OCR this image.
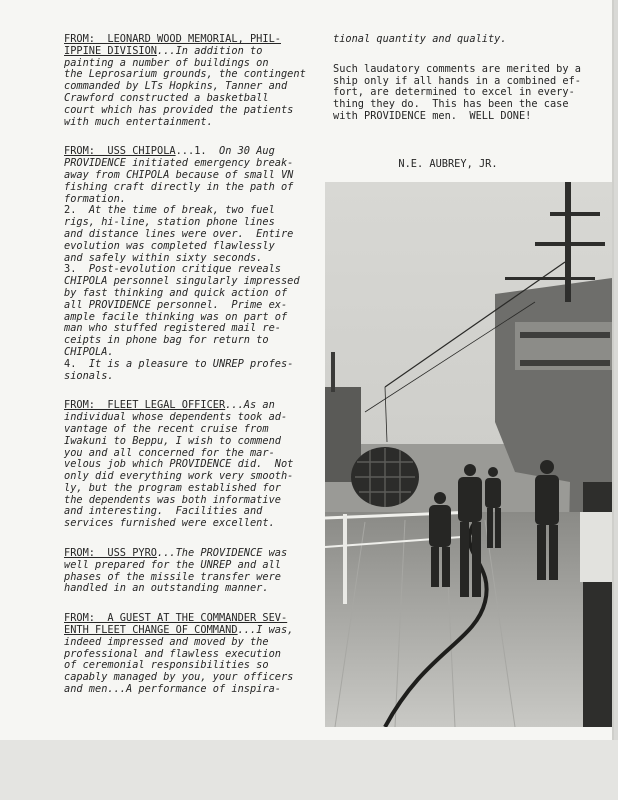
FROM:  LEONARD WOOD MEMORIAL, PHIL-
IPPINE DIVISION...In addition to
painting a number of buildings on
the Leprosarium grounds, the contingent
commanded by LTs Hopkins, Tanner and
Crawford constructed a basketball
court which has provided the patients
with much entertainment.
FROM:  USS CHIPOLA...1.  On 30 Aug
PROVIDENCE initiated emergency break-
away from CHIPOLA because of small VN
fishing craft directly in the path of
formation.
2.  At the time of break, two fuel
rigs, hi-line, station phone lines
and distance lines were over.  Entire
evolution was completed flawlessly
and safely within sixty seconds.
3.  Post-evolution critique reveals
CHIPOLA personnel singularly impressed
by fast thinking and quick action of
all PROVIDENCE personnel.  Prime ex-
ample facile thinking was on part of
man who stuffed registered mail re-
ceipts in phone bag for return to
CHIPOLA.
4.  It is a pleasure to UNREP profes-
sionals.
FROM:  FLEET LEGAL OFFICER...As an
individual whose dependents took ad-
vantage of the recent cruise from
Iwakuni to Beppu, I wish to commend
you and all concerned for the mar-
velous job which PROVIDENCE did.  Not
only did everything work very smooth-
ly, but the program established for
the dependents was both informative
and interesting.  Facilities and
services furnished were excellent.
FROM:  USS PYRO...The PROVIDENCE was
well prepared for the UNREP and all
phases of the missile transfer were
handled in an outstanding manner.
FROM:  A GUEST AT THE COMMANDER SEV-
ENTH FLEET CHANGE OF COMMAND...I was,
indeed impressed and moved by the
professional and flawless execution
of ceremonial responsibilities so
capably managed by you, your officers
and men...A performance of inspira-
tional quantity and quality.
Such laudatory comments are merited by a
ship only if all hands in a combined ef-
fort, are determined to excel in every-
thing they do.  This has been the case
with PROVIDENCE men.  WELL DONE!
N.E. AUBREY, JR.
